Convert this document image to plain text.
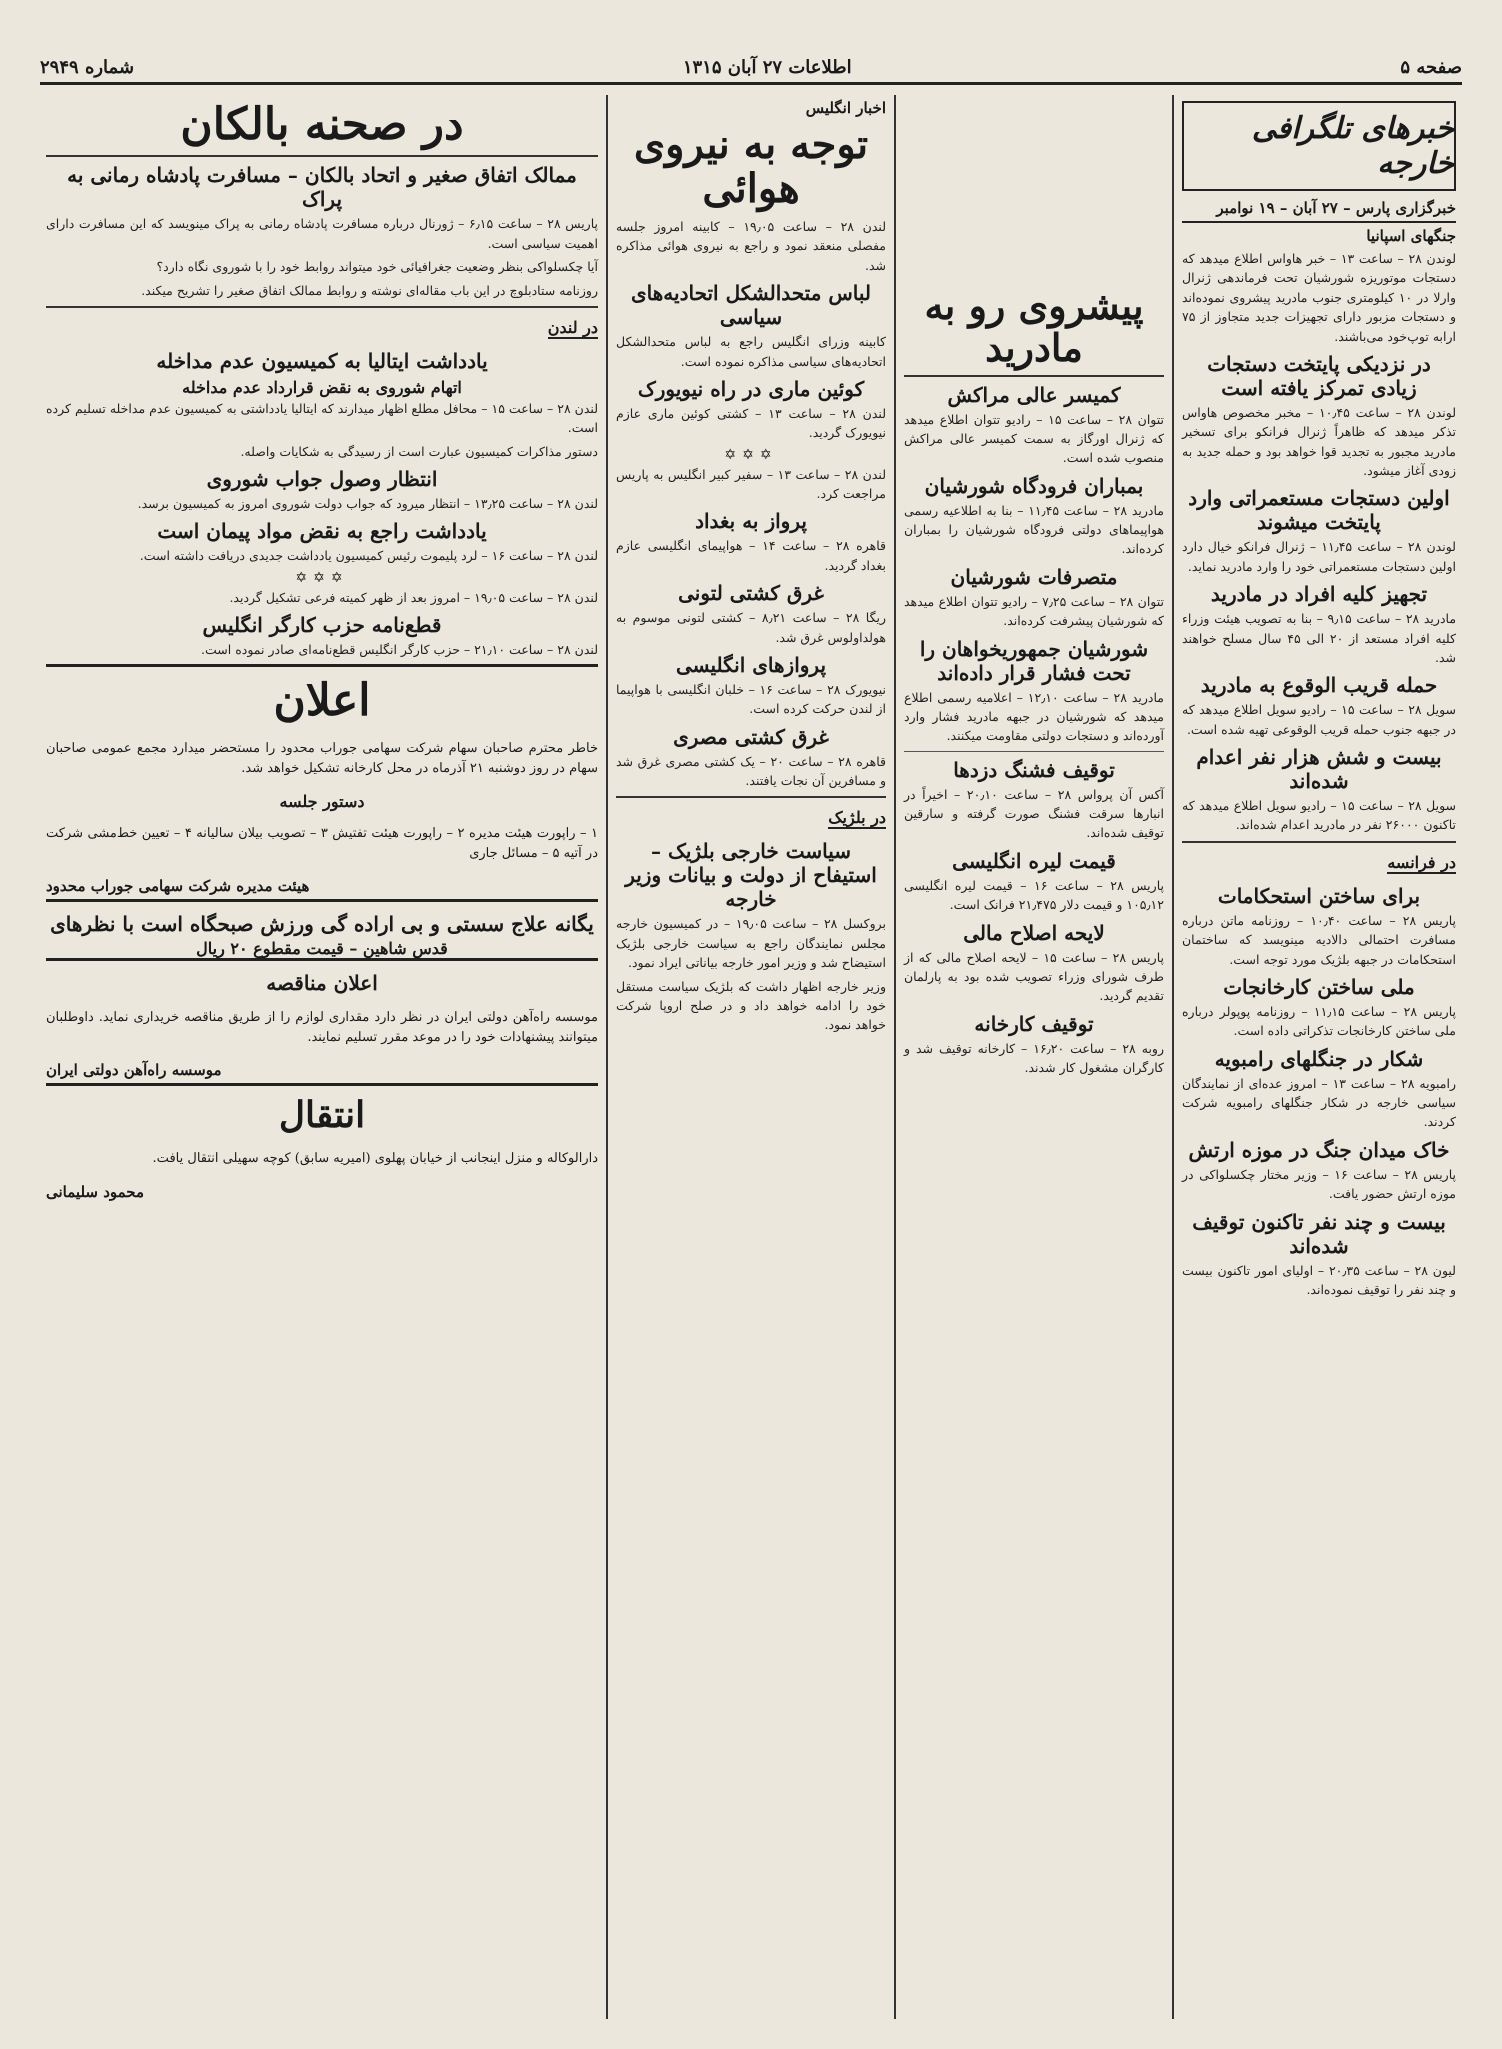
صفحه ۵
اطلاعات ۲۷ آبان ۱۳۱۵
شماره ۲۹۴۹
خبرهای تلگرافی خارجه
خبرگزاری پارس – ۲۷ آبان – ۱۹ نوامبر
جنگهای اسپانیا

لوندن ۲۸ – ساعت ۱۳ – خبر هاواس اطلاع میدهد که دستجات موتوریزه شورشیان تحت فرماندهی ژنرال وارلا در ۱۰ کیلومتری جنوب مادرید پیشروی نموده‌اند و دستجات مزبور دارای تجهیزات جدید متجاوز از ۷۵ ارابه توپ‌خود می‌باشند.

در نزدیکی پایتخت دستجات زیادی تمرکز یافته است

لوندن ۲۸ – ساعت ۱۰٫۴۵ – مخبر مخصوص هاواس تذکر میدهد که ظاهراً ژنرال فرانکو برای تسخیر مادرید مجبور به تجدید قوا خواهد بود و حمله جدید به زودی آغاز میشود.

اولین دستجات مستعمراتی وارد پایتخت میشوند

لوندن ۲۸ – ساعت ۱۱٫۴۵ – ژنرال فرانکو خیال دارد اولین دستجات مستعمراتی خود را وارد مادرید نماید.

تجهیز کلیه افراد در مادرید

مادرید ۲۸ – ساعت ۹٫۱۵ – بنا به تصویب هیئت وزراء کلیه افراد مستعد از ۲۰ الی ۴۵ سال مسلح خواهند شد.

حمله قریب الوقوع به مادرید

سویل ۲۸ – ساعت ۱۵ – رادیو سویل اطلاع میدهد که در جبهه جنوب حمله قریب الوقوعی تهیه شده است.

بیست و شش هزار نفر اعدام شده‌اند

سویل ۲۸ – ساعت ۱۵ – رادیو سویل اطلاع میدهد که تاکنون ۲۶۰۰۰ نفر در مادرید اعدام شده‌اند.

در فرانسه
برای ساختن استحکامات

پاریس ۲۸ – ساعت ۱۰٫۴۰ – روزنامه ماتن درباره مسافرت احتمالی دالادیه مینویسد که ساختمان استحکامات در جبهه بلژیک مورد توجه است.

ملی ساختن کارخانجات

پاریس ۲۸ – ساعت ۱۱٫۱۵ – روزنامه پوپولر درباره ملی ساختن کارخانجات تذکراتی داده است.

شکار در جنگلهای رامبویه

رامبویه ۲۸ – ساعت ۱۳ – امروز عده‌ای از نمایندگان سیاسی خارجه در شکار جنگلهای رامبویه شرکت کردند.

خاک میدان جنگ در موزه ارتش

پاریس ۲۸ – ساعت ۱۶ – وزیر مختار چکسلواکی در موزه ارتش حضور یافت.

بیست و چند نفر تاکنون توقیف شده‌اند

لیون ۲۸ – ساعت ۲۰٫۳۵ – اولیای امور تاکنون بیست و چند نفر را توقیف نموده‌اند.

پیشروی رو به مادرید
کمیسر عالی مراکش

تتوان ۲۸ – ساعت ۱۵ – رادیو تتوان اطلاع میدهد که ژنرال اورگاز به سمت کمیسر عالی مراکش منصوب شده است.

بمباران فرودگاه شورشیان

مادرید ۲۸ – ساعت ۱۱٫۴۵ – بنا به اطلاعیه رسمی هواپیماهای دولتی فرودگاه شورشیان را بمباران کرده‌اند.

متصرفات شورشیان

تتوان ۲۸ – ساعت ۷٫۲۵ – رادیو تتوان اطلاع میدهد که شورشیان پیشرفت کرده‌اند.

شورشیان جمهوریخواهان را تحت فشار قرار داده‌اند

مادرید ۲۸ – ساعت ۱۲٫۱۰ – اعلامیه رسمی اطلاع میدهد که شورشیان در جبهه مادرید فشار وارد آورده‌اند و دستجات دولتی مقاومت میکنند.

توقیف فشنگ دزدها

آکس آن پرواس ۲۸ – ساعت ۲۰٫۱۰ – اخیراً در انبارها سرقت فشنگ صورت گرفته و سارقین توقیف شده‌اند.

قیمت لیره انگلیسی

پاریس ۲۸ – ساعت ۱۶ – قیمت لیره انگلیسی ۱۰۵٫۱۲ و قیمت دلار ۲۱٫۴۷۵ فرانک است.

لایحه اصلاح مالی

پاریس ۲۸ – ساعت ۱۵ – لایحه اصلاح مالی که از طرف شورای وزراء تصویب شده بود به پارلمان تقدیم گردید.

توقیف کارخانه

روبه ۲۸ – ساعت ۱۶٫۲۰ – کارخانه توقیف شد و کارگران مشغول کار شدند.

اخبار انگلیس
توجه به نیروی هوائی

لندن ۲۸ – ساعت ۱۹٫۰۵ – کابینه امروز جلسه مفصلی منعقد نمود و راجع به نیروی هوائی مذاکره شد.

لباس متحدالشکل اتحادیه‌های سیاسی

کابینه وزرای انگلیس راجع به لباس متحدالشکل اتحادیه‌های سیاسی مذاکره نموده است.

کوئین ماری در راه نیویورک

لندن ۲۸ – ساعت ۱۳ – کشتی کوئین ماری عازم نیویورک گردید.

✡✡✡

لندن ۲۸ – ساعت ۱۳ – سفیر کبیر انگلیس به پاریس مراجعت کرد.

پرواز به بغداد

قاهره ۲۸ – ساعت ۱۴ – هواپیمای انگلیسی عازم بغداد گردید.

غرق کشتی لتونی

ریگا ۲۸ – ساعت ۸٫۲۱ – کشتی لتونی موسوم به هولداولوس غرق شد.

پروازهای انگلیسی

نیویورک ۲۸ – ساعت ۱۶ – خلبان انگلیسی با هواپیما از لندن حرکت کرده است.

غرق کشتی مصری

قاهره ۲۸ – ساعت ۲۰ – یک کشتی مصری غرق شد و مسافرین آن نجات یافتند.

در بلژیک
سیاست خارجی بلژیک – استیفاح از دولت و بیانات وزیر خارجه

بروکسل ۲۸ – ساعت ۱۹٫۰۵ – در کمیسیون خارجه مجلس نمایندگان راجع به سیاست خارجی بلژیک استیضاح شد و وزیر امور خارجه بیاناتی ایراد نمود.

وزیر خارجه اظهار داشت که بلژیک سیاست مستقل خود را ادامه خواهد داد و در صلح اروپا شرکت خواهد نمود.

در صحنه بالکان
ممالک اتفاق صغیر و اتحاد بالکان – مسافرت پادشاه رمانی به پراک

پاریس ۲۸ – ساعت ۶٫۱۵ – ژورنال درباره مسافرت پادشاه رمانی به پراک مینویسد که این مسافرت دارای اهمیت سیاسی است.

آیا چکسلواکی بنظر وضعیت جغرافیائی خود میتواند روابط خود را با شوروی نگاه دارد؟

روزنامه ستادبلوچ در این باب مقاله‌ای نوشته و روابط ممالک اتفاق صغیر را تشریح میکند.

در لندن
یادداشت ایتالیا به کمیسیون عدم مداخله
اتهام شوروی به نقض قرارداد عدم مداخله

لندن ۲۸ – ساعت ۱۵ – محافل مطلع اظهار میدارند که ایتالیا یادداشتی به کمیسیون عدم مداخله تسلیم کرده است.

دستور مذاکرات کمیسیون عبارت است از رسیدگی به شکایات واصله.

انتظار وصول جواب شوروی

لندن ۲۸ – ساعت ۱۳٫۲۵ – انتظار میرود که جواب دولت شوروی امروز به کمیسیون برسد.

یادداشت راجع به نقض مواد پیمان است

لندن ۲۸ – ساعت ۱۶ – لرد پلیموت رئیس کمیسیون یادداشت جدیدی دریافت داشته است.

✡✡✡

لندن ۲۸ – ساعت ۱۹٫۰۵ – امروز بعد از ظهر کمیته فرعی تشکیل گردید.

قطع‌نامه حزب کارگر انگلیس

لندن ۲۸ – ساعت ۲۱٫۱۰ – حزب کارگر انگلیس قطع‌نامه‌ای صادر نموده است.

اعلان

خاطر محترم صاحبان سهام شرکت سهامی جوراب محدود را مستحضر میدارد مجمع عمومی صاحبان سهام در روز دوشنبه ۲۱ آذرماه در محل کارخانه تشکیل خواهد شد.

دستور جلسه

۱ – راپورت هیئت مدیره ۲ – راپورت هیئت تفتیش ۳ – تصویب بیلان سالیانه ۴ – تعیین خط‌مشی شرکت در آتیه ۵ – مسائل جاری

هیئت مدیره شرکت سهامی جوراب محدود
یگانه علاج سستی و بی اراده گی ورزش صبحگاه است با نظرهای
قدس شاهین – قیمت مقطوع ۲۰ ریال
اعلان مناقصه

موسسه راه‌آهن دولتی ایران در نظر دارد مقداری لوازم را از طریق مناقصه خریداری نماید. داوطلبان میتوانند پیشنهادات خود را در موعد مقرر تسلیم نمایند.

موسسه راه‌آهن دولتی ایران
انتقال

دارالوکاله و منزل اینجانب از خیابان پهلوی (امیریه سابق) کوچه سهیلی انتقال یافت.

محمود سلیمانی
